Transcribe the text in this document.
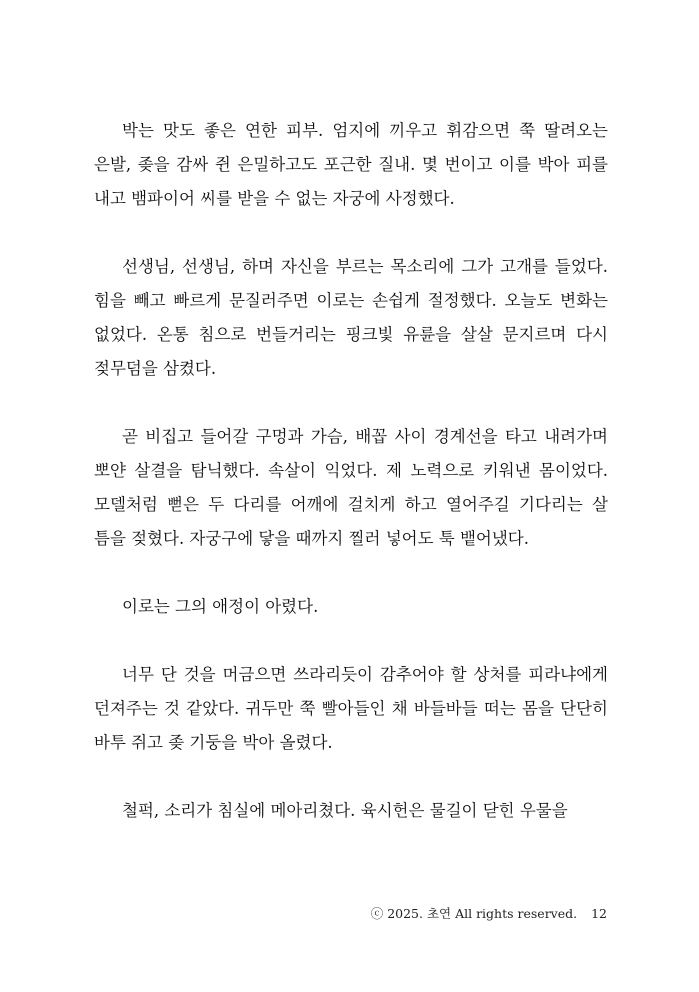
박는 맛도 좋은 연한 피부. 엄지에 끼우고 휘감으면 쭉 딸려오는 은발, 좆을 감싸 쥔 은밀하고도 포근한 질내. 몇 번이고 이를 박아 피를 내고 뱀파이어 씨를 받을 수 없는 자궁에 사정했다.

선생님, 선생님, 하며 자신을 부르는 목소리에 그가 고개를 들었다. 힘을 빼고 빠르게 문질러주면 이로는 손쉽게 절정했다. 오늘도 변화는 없었다. 온통 침으로 번들거리는 핑크빛 유륜을 살살 문지르며 다시 젖무덤을 삼켰다.

곧 비집고 들어갈 구멍과 가슴, 배꼽 사이 경계선을 타고 내려가며 뽀얀 살결을 탐닉했다. 속살이 익었다. 제 노력으로 키워낸 몸이었다. 모델처럼 뻗은 두 다리를 어깨에 걸치게 하고 열어주길 기다리는 살 틈을 젖혔다. 자궁구에 닿을 때까지 찔러 넣어도 툭 뱉어냈다.

이로는 그의 애정이 아렸다.

너무 단 것을 머금으면 쓰라리듯이 감추어야 할 상처를 피라냐에게 던져주는 것 같았다. 귀두만 쭉 빨아들인 채 바들바들 떠는 몸을 단단히 바투 쥐고 좆 기둥을 박아 올렸다.

철퍽, 소리가 침실에 메아리쳤다. 육시헌은 물길이 닫힌 우물을

ⓒ 2025. 초연 All rights reserved. 12
